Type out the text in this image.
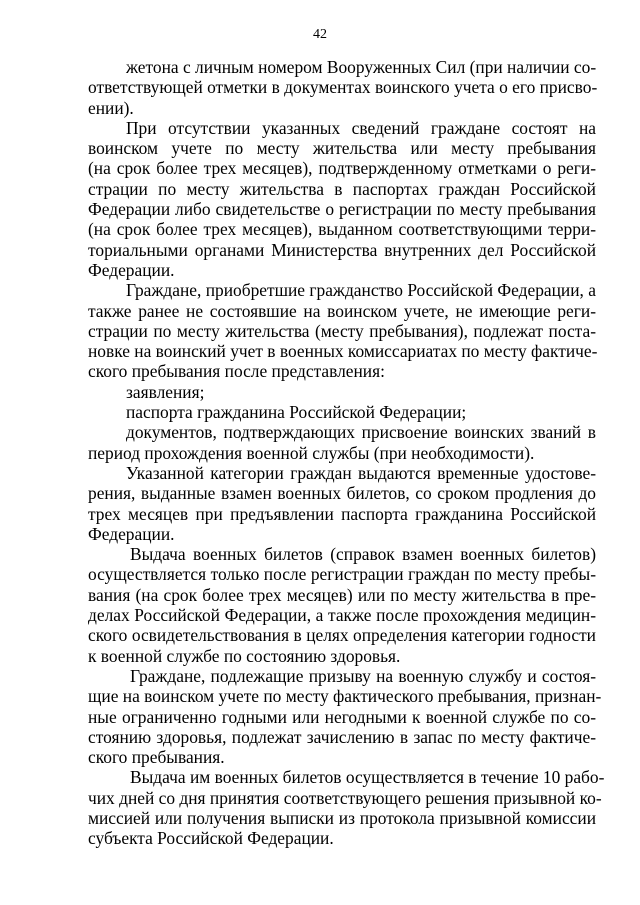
42
жетона с личным номером Вооруженных Сил (при наличии со-
ответствующей отметки в документах воинского учета о его присво-
ении).
При отсутствии указанных сведений граждане состоят на
воинском учете по месту жительства или месту пребывания
(на срок более трех месяцев), подтвержденному отметками о реги-
страции по месту жительства в паспортах граждан Российской
Федерации либо свидетельстве о регистрации по месту пребывания
(на срок более трех месяцев), выданном соответствующими терри-
ториальными органами Министерства внутренних дел Российской
Федерации.
Граждане, приобретшие гражданство Российской Федерации, а
также ранее не состоявшие на воинском учете, не имеющие реги-
страции по месту жительства (месту пребывания), подлежат поста-
новке на воинский учет в военных комиссариатах по месту фактиче-
ского пребывания после представления:
заявления;
паспорта гражданина Российской Федерации;
документов, подтверждающих присвоение воинских званий в
период прохождения военной службы (при необходимости).
Указанной категории граждан выдаются временные удостове-
рения, выданные взамен военных билетов, со сроком продления до
трех месяцев при предъявлении паспорта гражданина Российской
Федерации.
Выдача военных билетов (справок взамен военных билетов)
осуществляется только после регистрации граждан по месту пребы-
вания (на срок более трех месяцев) или по месту жительства в пре-
делах Российской Федерации, а также после прохождения медицин-
ского освидетельствования в целях определения категории годности
к военной службе по состоянию здоровья.
Граждане, подлежащие призыву на военную службу и состоя-
щие на воинском учете по месту фактического пребывания, признан-
ные ограниченно годными или негодными к военной службе по со-
стоянию здоровья, подлежат зачислению в запас по месту фактиче-
ского пребывания.
Выдача им военных билетов осуществляется в течение 10 рабо-
чих дней со дня принятия соответствующего решения призывной ко-
миссией или получения выписки из протокола призывной комиссии
субъекта Российской Федерации.
